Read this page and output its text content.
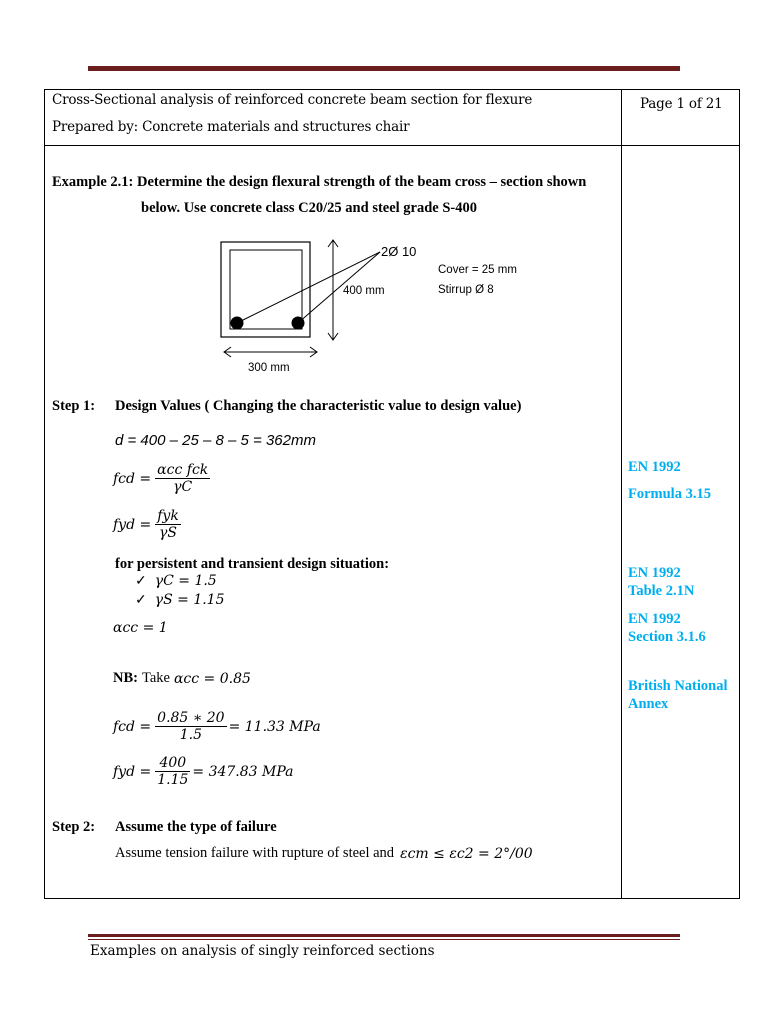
Cross-Sectional analysis of reinforced concrete beam section for flexure
Prepared by: Concrete materials and structures chair
Page 1 of 21
Example 2.1: Determine the design flexural strength of the beam cross – section shown
below. Use concrete class C20/25 and steel grade S-400
2Ø 10
400 mm
Cover = 25 mm
Stirrup Ø 8
300 mm
Step 1: Design Values ( Changing the characteristic value to design value)
d = 400 – 25 – 8 – 5 = 362mm
fcd = $\frac{\text{αcc fck}}{\gamma C}$
fyd = $\frac{\text{fyk}}{\gamma S}$
for persistent and transient design situation:
✓ γC = 1.5
✓ γS = 1.15
αcc = 1
NB: Take αcc = 0.85
fcd = $\frac{0.85 ∗ 20}{1.5} = 11.33$ MPa
fyd = $\frac{400}{1.15} = 347.83$ MPa
Step 2: Assume the type of failure
Assume tension failure with rupture of steel and εcm ≤ εc2 = 2°/00
EN 1992
Formula 3.15
EN 1992
Table 2.1N
EN 1992
Section 3.1.6
British National
Annex
Examples on analysis of singly reinforced sections
